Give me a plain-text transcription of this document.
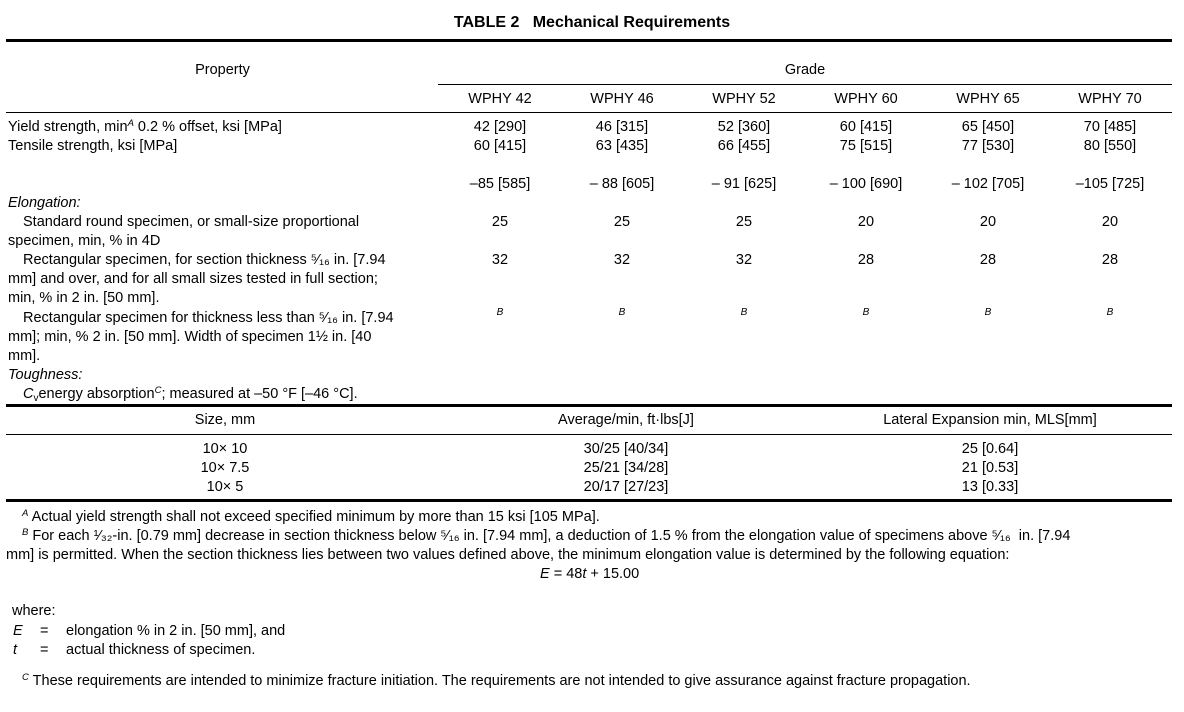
TABLE 2   Mechanical Requirements
Property	Grade
WPHY 42	WPHY 46	WPHY 52	WPHY 60	WPHY 65	WPHY 70
Yield strength, $\min^A 0.2$ % offset, ksi [MPa]	42 [290]	46 [315]	52 [360]	60 [415]	65 [450]	70 [485]
Tensile strength, ksi [MPa]	60 [415]	63 [435]	66 [455]	75 [515]	77 [530]	80 [550]
–85 [585]	– 88 [605]	– 91 [625]	– 100 [690]	– 102 [705]	–105 [725]
Elongation:
Standard round specimen, or small-size proportional
specimen, min, % in 4D
25	25	25	20	20	20
Rectangular specimen, for section thickness ⁵⁄₁₆ in. [7.94
mm] and over, and for all small sizes tested in full section;
min, % in 2 in. [50 mm].
32	32	32	28	28	28
Rectangular specimen for thickness less than ⁵⁄₁₆ in. [7.94
mm]; min, % 2 in. [50 mm]. Width of specimen 1½ in. [40
mm].
B	B	B	B	B	B
Toughness:
$C_venergy$ absorption$^C$; measured at –50 °F [–46 °C].
Size, mm	Average/min, ft·lbs[J]	Lateral Expansion min, MLS[mm]
10× 10	30/25 [40/34]	25 [0.64]
10× 7.5	25/21 [34/28]	21 [0.53]
10× 5	20/17 [27/23]	13 [0.33]
$^A$ Actual yield strength shall not exceed specified minimum by more than 15 ksi [105 MPa].
$^B$ For each ¹⁄₃₂-in. [0.79 mm] decrease in section thickness below ⁵⁄₁₆ in. [7.94 mm], a deduction of 1.5 % from the elongation value of specimens above ⁵⁄₁₆  in. [7.94
mm] is permitted. When the section thickness lies between two values defined above, the minimum elongation value is determined by the following equation:
E = 48t + 15.00
where:
E = elongation % in 2 in. [50 mm], and
t = actual thickness of specimen.
$^C$ These requirements are intended to minimize fracture initiation. The requirements are not intended to give assurance against fracture propagation.
